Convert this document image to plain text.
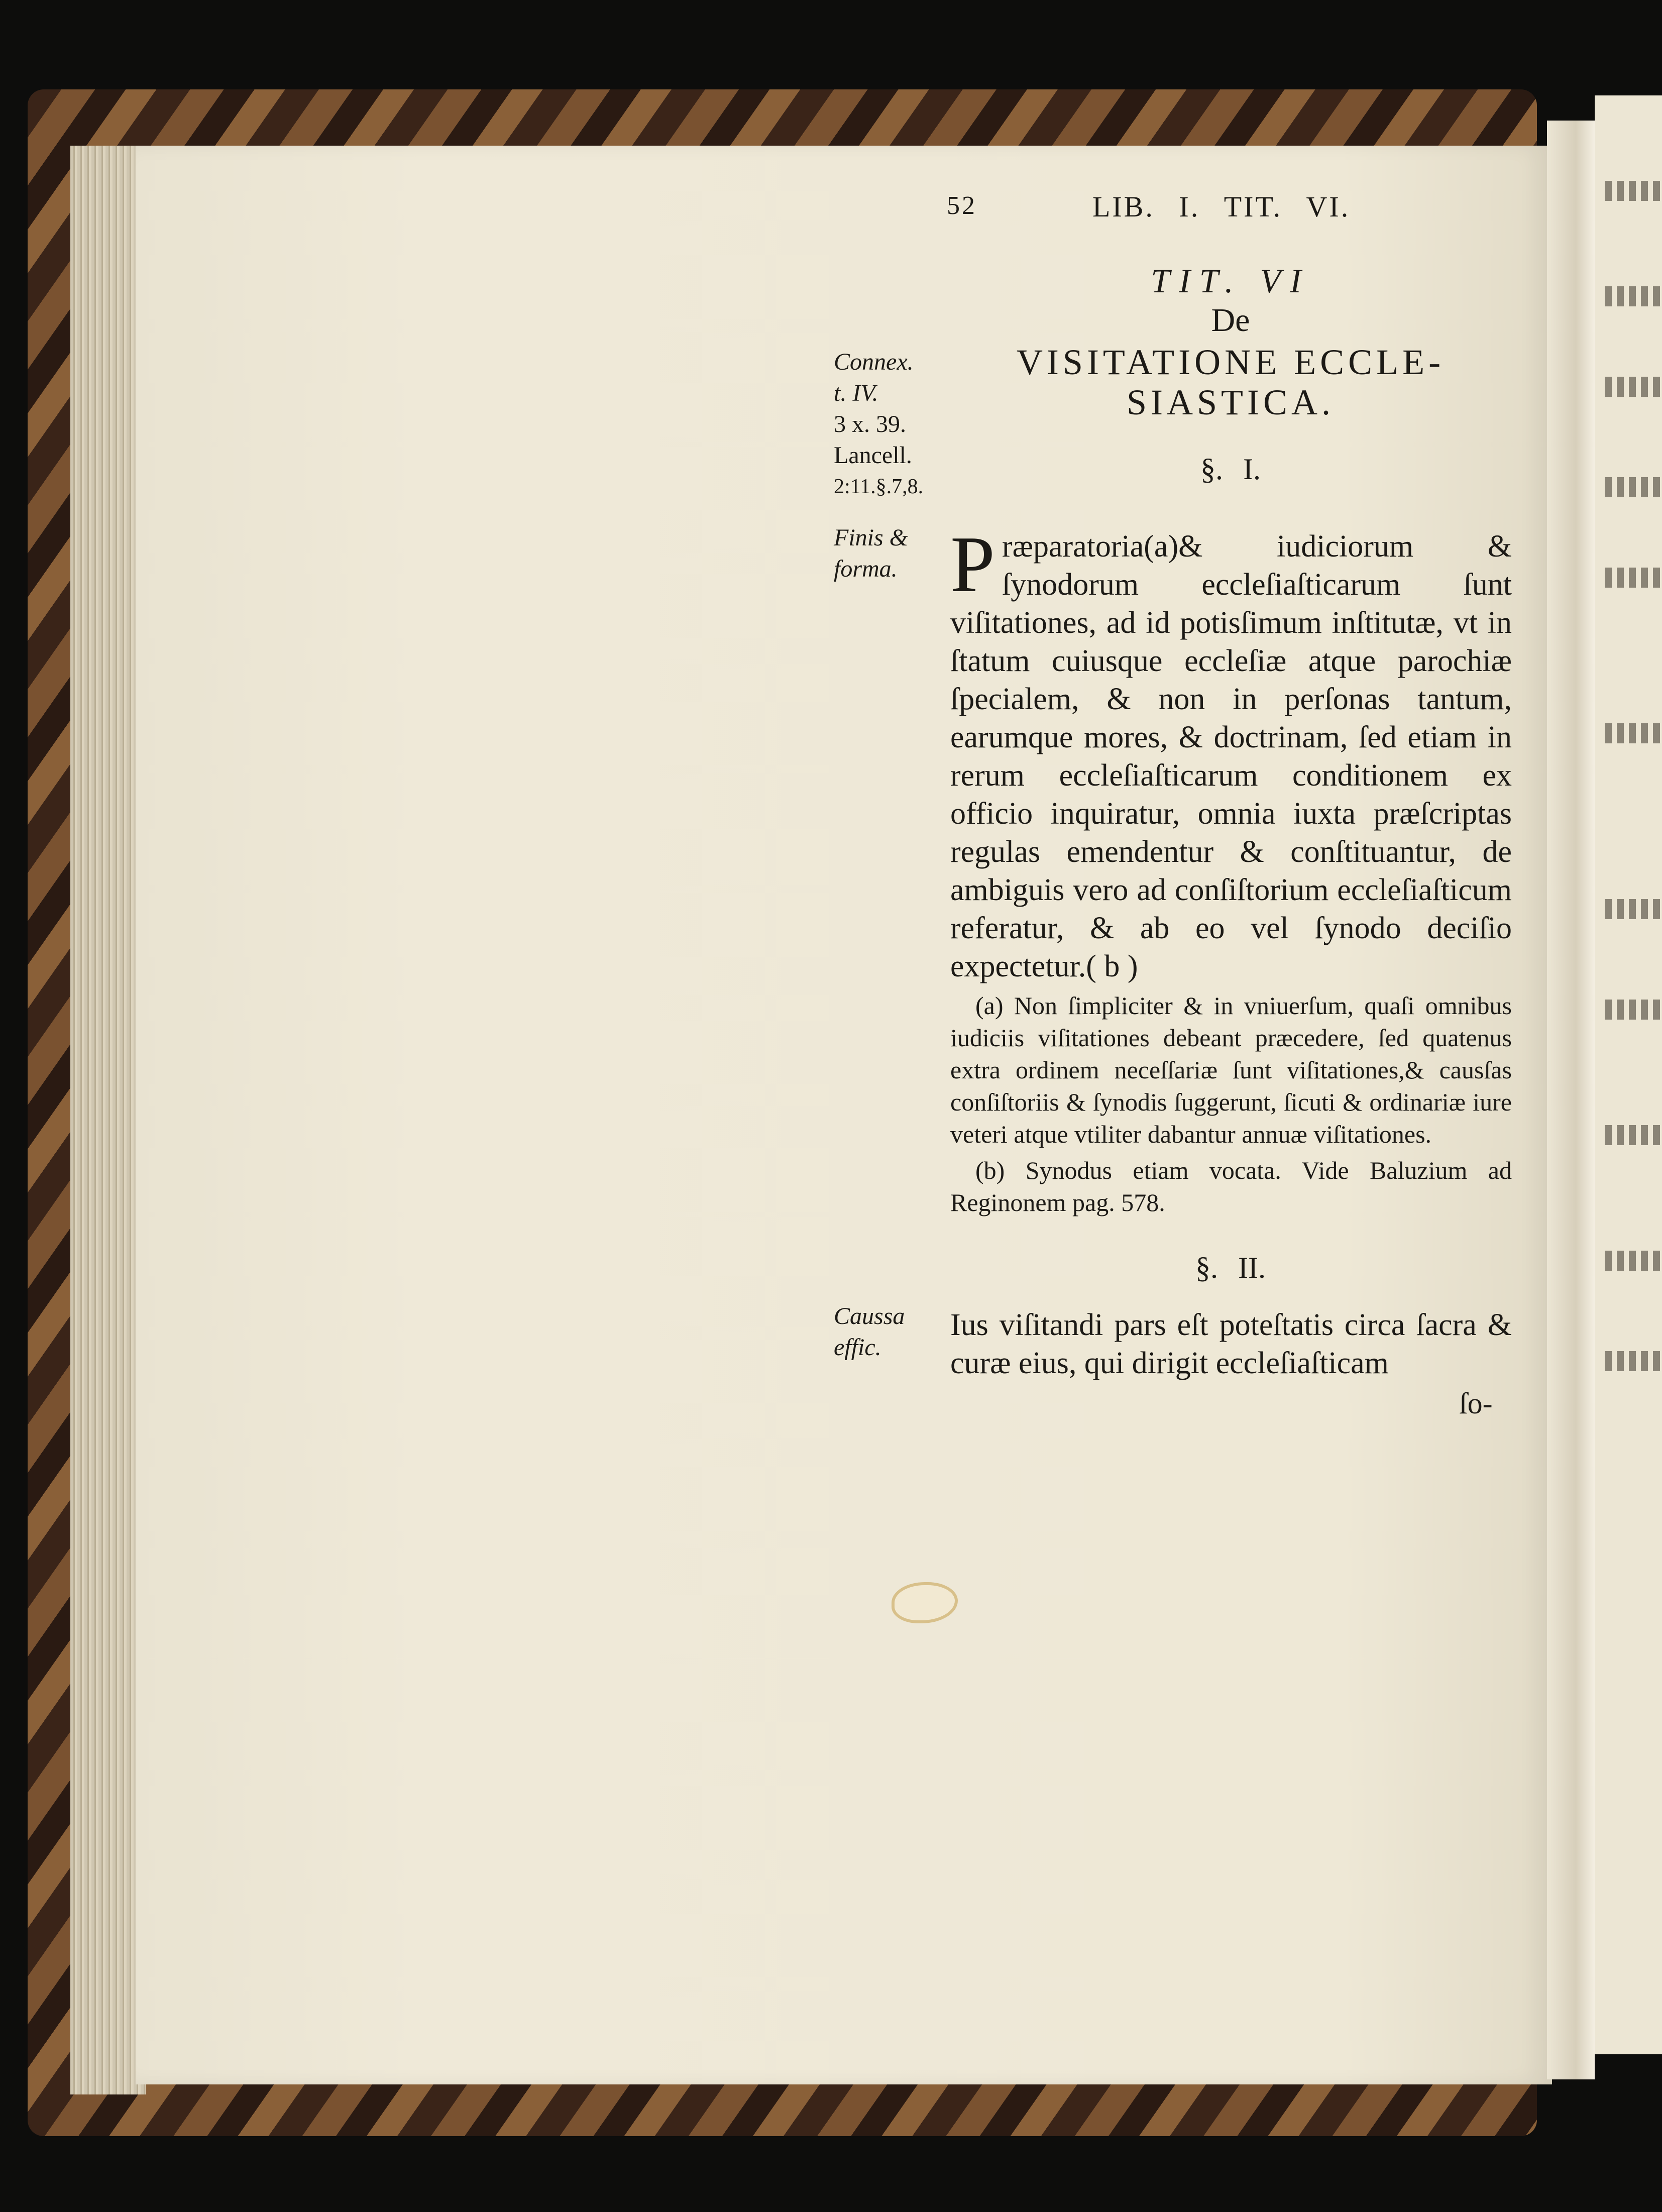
52	LIB. I. TIT. VI.
TIT. VI
De
VISITATIONE ECCLE-
SIASTICA.
§. I.
Connex.
t. IV.
3 x. 39.
Lancell.
2:11.§.7,8.
Finis &
forma. Præparatoria(a)& iudiciorum & ſynodorum eccleſiaſticarum ſunt viſitationes, ad id potisſimum inſtitutæ, vt in ſtatum cuiusque eccleſiæ atque parochiæ ſpecialem, & non in perſonas tantum, earumque mores, & doctrinam, ſed etiam in rerum eccleſiaſticarum conditionem ex officio inquiratur, omnia iuxta præſcriptas regulas emendentur & conſtituantur, de ambiguis vero ad conſiſtorium eccleſiaſticum referatur, & ab eo vel ſynodo deciſio expectetur.( b )

(a) Non ſimpliciter & in vniuerſum, quaſi omnibus iudiciis viſitationes debeant præcedere, ſed quatenus extra ordinem neceſſariæ ſunt viſitationes,& causſas conſiſtoriis & ſynodis ſuggerunt, ſicuti & ordinariæ iure veteri atque vtiliter dabantur annuæ viſitationes.

(b) Synodus etiam vocata. Vide Baluzium ad Reginonem pag. 578.

§. II.
Caussa
effic.
Ius viſitandi pars eſt poteſtatis circa ſacra & curæ eius, qui dirigit eccleſiaſticam
ſo-
